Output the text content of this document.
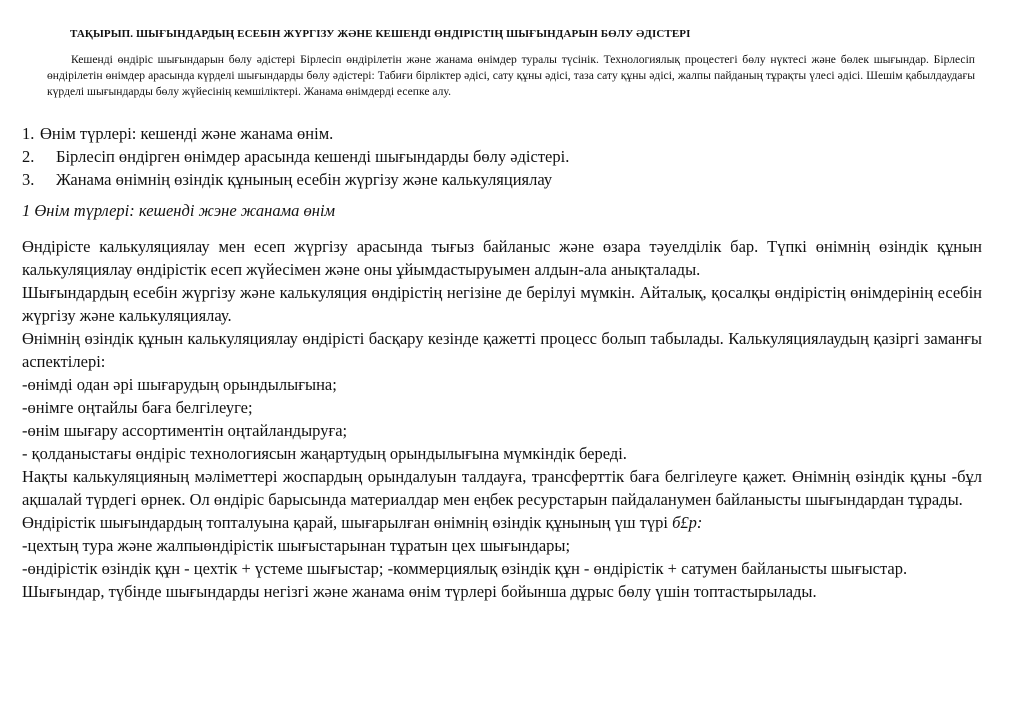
ТАҚЫРЫП. ШЫҒЫНДАРДЫҢ ЕСЕБІН ЖҮРГІЗУ ЖӘНЕ КЕШЕНДІ ӨНДІРІСТІҢ ШЫҒЫНДАРЫН БӨЛУ ӘДІСТЕРІ

Кешенді өндіріс шығындарын бөлу әдістері Бірлесіп өндірілетін және жанама өнімдер туралы түсінік. Технологиялық процестегі бөлу нүктесі және бөлек шығындар. Бірлесіп өндірілетін өнімдер арасында күрделі шығындарды бөлу әдістері: Табиғи бірліктер әдісі, сату құны әдісі, таза сату құны әдісі, жалпы пайданың тұрақты үлесі әдісі. Шешім қабылдаудағы күрделі шығындарды бөлу жүйесінің кемшіліктері. Жанама өнімдерді есепке алу.

1. Өнім түрлері: кешенді және жанама өнім.
2. Бірлесіп өндірген өнімдер арасында кешенді шығындарды бөлу әдістері.
3. Жанама өнімнің өзіндік құнының есебін жүргізу және калькуляциялау
1 Өнім түрлері: кешенді жэне жанама өнім

Өндірісте калькуляциялау мен есеп жүргізу арасында тығыз байланыс және өзара тәуелділік бар. Түпкі өнімнің өзіндік құнын калькуляциялау өндірістік есеп жүйесімен және оны ұйымдастыруымен алдын-ала анықталады.

Шығындардың есебін жүргізу және калькуляция өндірістің негізіне де берілуі мүмкін. Айталық, қосалқы өндірістің өнімдерінің есебін жүргізу және калькуляциялау.

Өнімнің өзіндік құнын калькуляциялау өндірісті басқару кезінде қажетті процесс болып табылады. Калькуляциялаудың қазіргі заманғы аспектілері:

-өнімді одан әрі шығарудың орындылығына;

-өнімге оңтайлы баға белгілеуге;

-өнім шығару ассортиментін оңтайландыруға;

- қолданыстағы өндіріс технологиясын жаңартудың орындылығына мүмкіндік береді.

Нақты калькуляцияның мәліметтері жоспардың орындалуын талдауға, трансферттік баға белгілеуге қажет. Өнімнің өзіндік құны -бұл ақшалай түрдегі өрнек. Ол өндіріс барысында материалдар мен еңбек ресурстарын пайдаланумен байланысты шығындардан тұрады.

Өндірістік шығындардың топталуына қарай, шығарылған өнімнің өзіндік құнының үш түрі б£р:

-цехтың тура және жалпыөндірістік шығыстарынан тұратын цех шығындары;

-өндірістік өзіндік құн - цехтік + үстеме шығыстар; -коммерциялық өзіндік құн - өндірістік + сатумен байланысты шығыстар.

Шығындар, түбінде шығындарды негізгі және жанама өнім түрлері бойынша дұрыс бөлу үшін топтастырылады.
